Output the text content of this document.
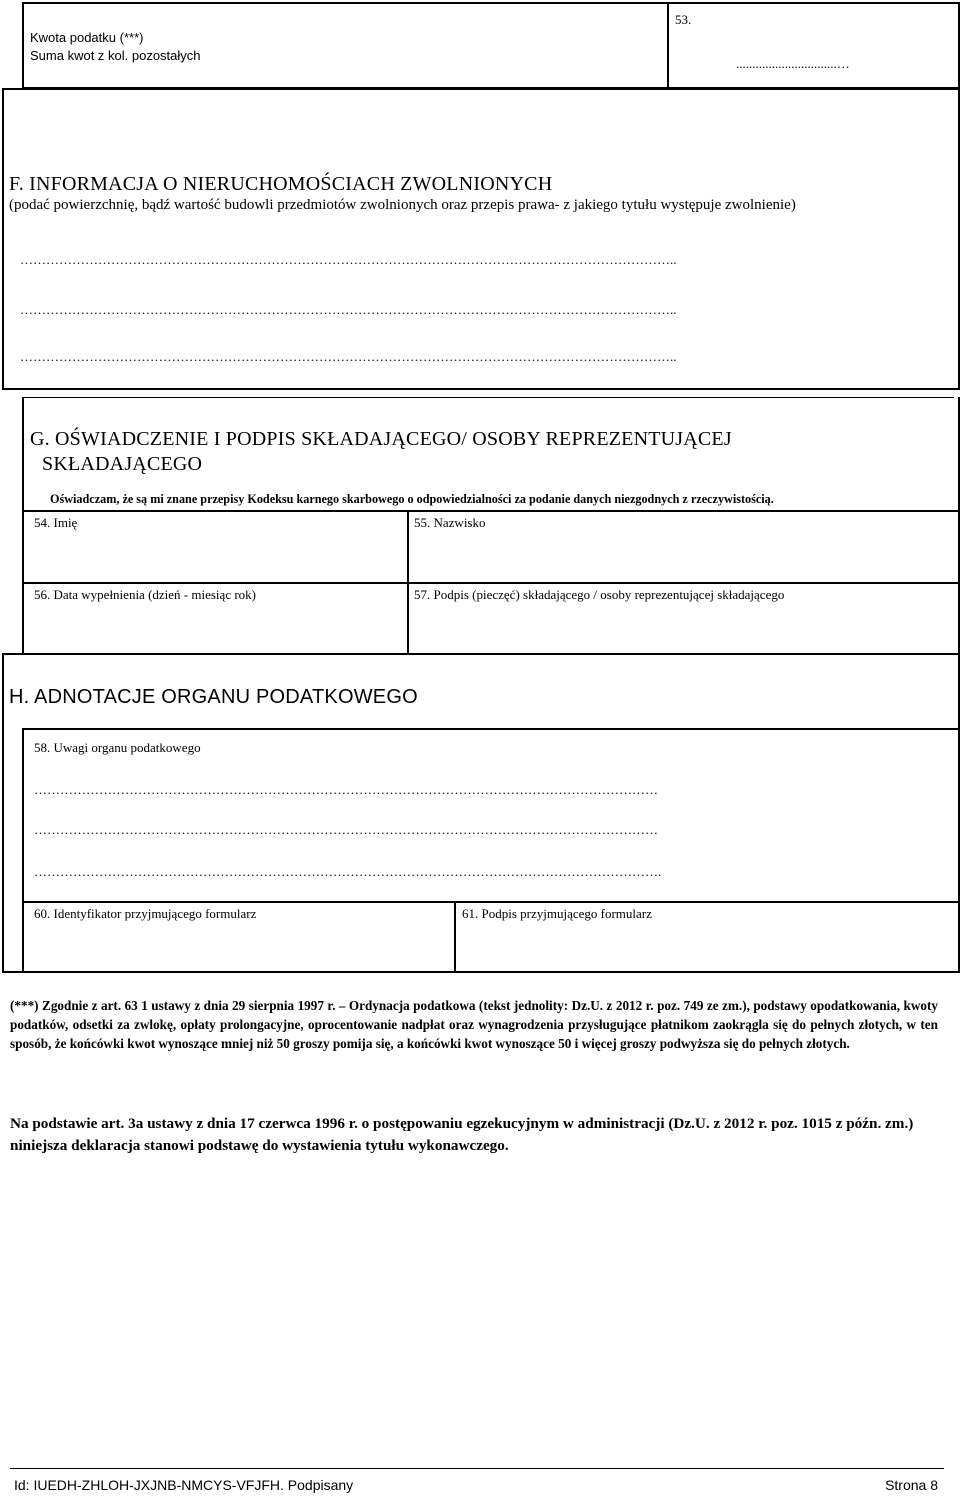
Kwota podatku (***)
Suma kwot z kol. pozostałych
53.
...............................…
F. INFORMACJA O NIERUCHOMOŚCIACH ZWOLNIONYCH
(podać powierzchnię, bądź wartość budowli przedmiotów zwolnionych oraz przepis prawa- z jakiego tytułu występuje zwolnienie)
……………………………………………………………………………………………………………………………………..
……………………………………………………………………………………………………………………………………..
……………………………………………………………………………………………………………………………………..
G. OŚWIADCZENIE I PODPIS SKŁADAJĄCEGO/ OSOBY REPREZENTUJĄCEJ
SKŁADAJĄCEGO
Oświadczam, że są mi znane przepisy Kodeksu karnego skarbowego o odpowiedzialności za podanie danych niezgodnych z rzeczywistością.
54. Imię	55. Nazwisko
56. Data wypełnienia (dzień - miesiąc rok)	57. Podpis (pieczęć) składającego / osoby reprezentującej składającego
H. ADNOTACJE ORGANU PODATKOWEGO
58. Uwagi organu podatkowego
………………………………………………………………………………………………………………………………
………………………………………………………………………………………………………………………………
……………………………………………………………………………………………………………………………….
60. Identyfikator przyjmującego formularz	61. Podpis przyjmującego formularz
(***) Zgodnie z art. 63 1 ustawy z dnia 29 sierpnia 1997 r. – Ordynacja podatkowa (tekst jednolity: Dz.U. z 2012 r. poz. 749 ze zm.), podstawy opodatkowania, kwoty podatków, odsetki za zwlokę, opłaty prolongacyjne, oprocentowanie nadpłat oraz wynagrodzenia przysługujące płatnikom zaokrągla się do pełnych złotych, w ten sposób, że końcówki kwot wynoszące mniej niż 50 groszy pomija się, a końcówki kwot wynoszące 50 i więcej groszy podwyższa się do pełnych złotych.
Na podstawie art. 3a ustawy z dnia 17 czerwca 1996 r. o postępowaniu egzekucyjnym w administracji (Dz.U. z 2012 r. poz. 1015 z późn. zm.) niniejsza deklaracja stanowi podstawę do wystawienia tytułu wykonawczego.
Id: IUEDH-ZHLOH-JXJNB-NMCYS-VFJFH. Podpisany	Strona 8
